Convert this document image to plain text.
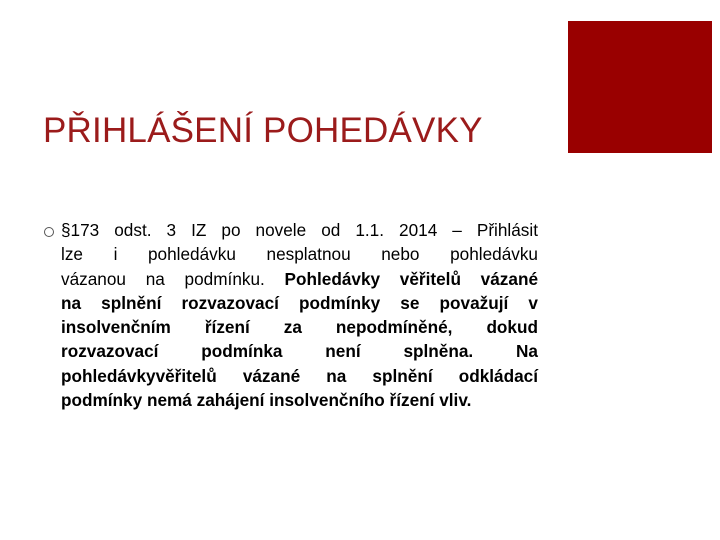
PŘIHLÁŠENÍ POHEDÁVKY
§173 odst. 3 IZ po novele od 1.1. 2014 – Přihlásit
lze i pohledávku nesplatnou nebo pohledávku
vázanou na podmínku. Pohledávky věřitelů vázané
na splnění rozvazovací podmínky se považují v
insolvenčním řízení za nepodmíněné, dokud
rozvazovací podmínka není splněna. Na
pohledávkyvěřitelů vázané na splnění odkládací
podmínky nemá zahájení insolvenčního řízení vliv.
